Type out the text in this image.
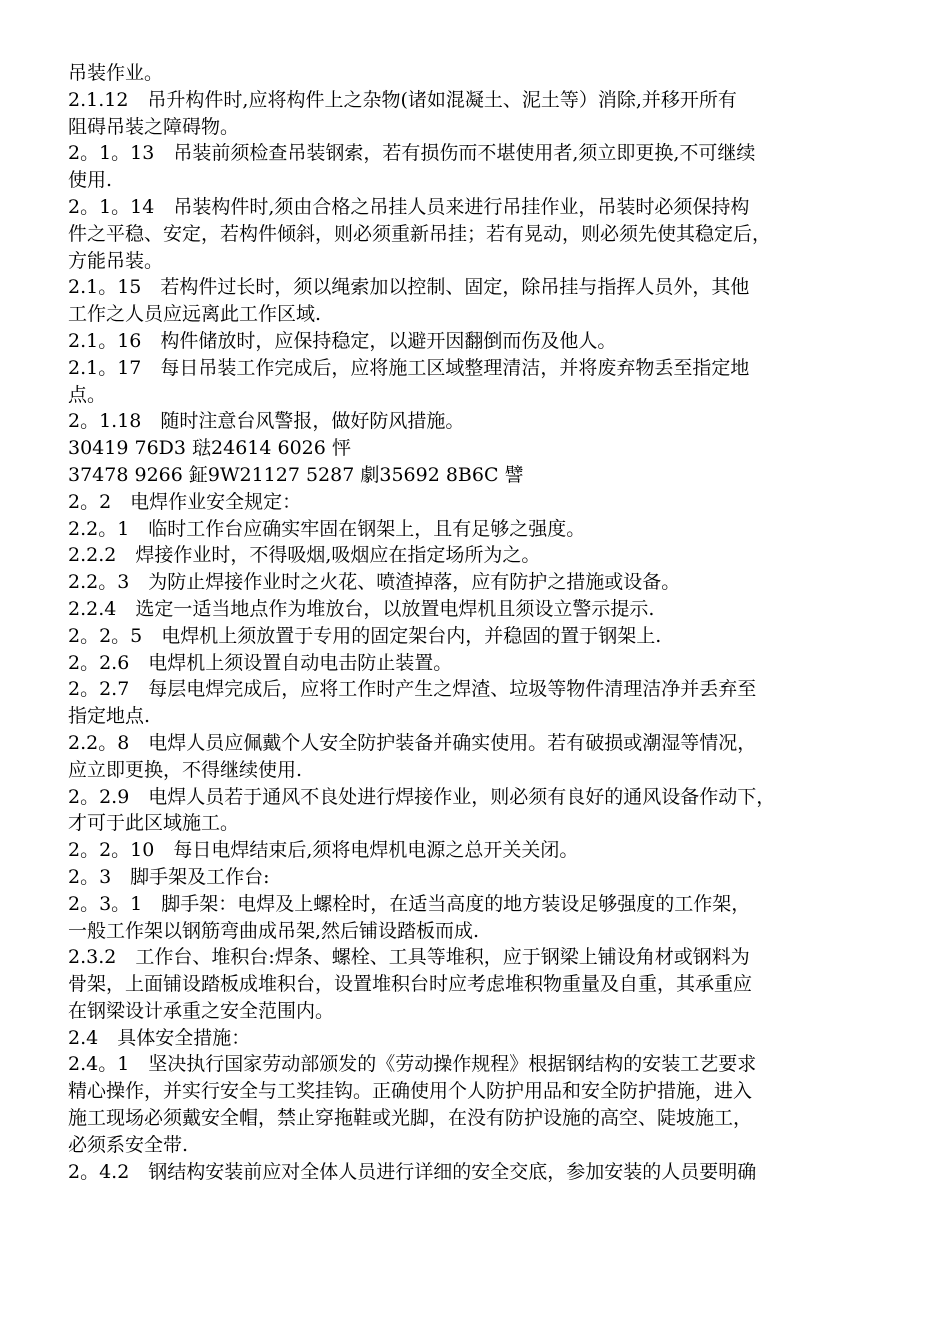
吊装作业。
2.1.12　吊升构件时,应将构件上之杂物(诸如混凝土、泥土等）消除,并移开所有
阻碍吊装之障碍物。
2。1。13　吊装前须检查吊装钢索，若有损伤而不堪使用者,须立即更换,不可继续
使用.
2。1。14　吊装构件时,须由合格之吊挂人员来进行吊挂作业，吊装时必须保持构
件之平稳、安定，若构件倾斜，则必须重新吊挂；若有晃动，则必须先使其稳定后，
方能吊装。
2.1。15　若构件过长时，须以绳索加以控制、固定，除吊挂与指挥人员外，其他
工作之人员应远离此工作区域.
2.1。16　构件储放时，应保持稳定，以避开因翻倒而伤及他人。
2.1。17　每日吊装工作完成后，应将施工区域整理清洁，并将废弃物丢至指定地
点。
2。1.18　随时注意台风警报，做好防风措施。
30419 76D3 琺24614 6026 怦
37478 9266 鉦9W21127 5287 劇35692 8B6C 譬
2。2　电焊作业安全规定：
2.2。1　临时工作台应确实牢固在钢架上，且有足够之强度。
2.2.2　焊接作业时，不得吸烟,吸烟应在指定场所为之。
2.2。3　为防止焊接作业时之火花、喷渣掉落，应有防护之措施或设备。
2.2.4　选定一适当地点作为堆放台，以放置电焊机且须设立警示提示.
2。2。5　电焊机上须放置于专用的固定架台内，并稳固的置于钢架上.
2。2.6　电焊机上须设置自动电击防止装置。
2。2.7　每层电焊完成后，应将工作时产生之焊渣、垃圾等物件清理洁净并丢弃至
指定地点.
2.2。8　电焊人员应佩戴个人安全防护装备并确实使用。若有破损或潮湿等情况，
应立即更换，不得继续使用.
2。2.9　电焊人员若于通风不良处进行焊接作业，则必须有良好的通风设备作动下，
才可于此区域施工。
2。2。10　每日电焊结束后,须将电焊机电源之总开关关闭。
2。3　脚手架及工作台:
2。3。1　脚手架：电焊及上螺栓时，在适当高度的地方装设足够强度的工作架，
一般工作架以钢筋弯曲成吊架,然后铺设踏板而成.
2.3.2　工作台、堆积台:焊条、螺栓、工具等堆积，应于钢梁上铺设角材或钢料为
骨架，上面铺设踏板成堆积台，设置堆积台时应考虑堆积物重量及自重，其承重应
在钢梁设计承重之安全范围内。
2.4　具体安全措施：
2.4。1　坚决执行国家劳动部颁发的《劳动操作规程》根据钢结构的安装工艺要求
精心操作，并实行安全与工奖挂钩。正确使用个人防护用品和安全防护措施，进入
施工现场必须戴安全帽，禁止穿拖鞋或光脚，在没有防护设施的高空、陡坡施工，
必须系安全带.
2。4.2　钢结构安装前应对全体人员进行详细的安全交底，参加安装的人员要明确
